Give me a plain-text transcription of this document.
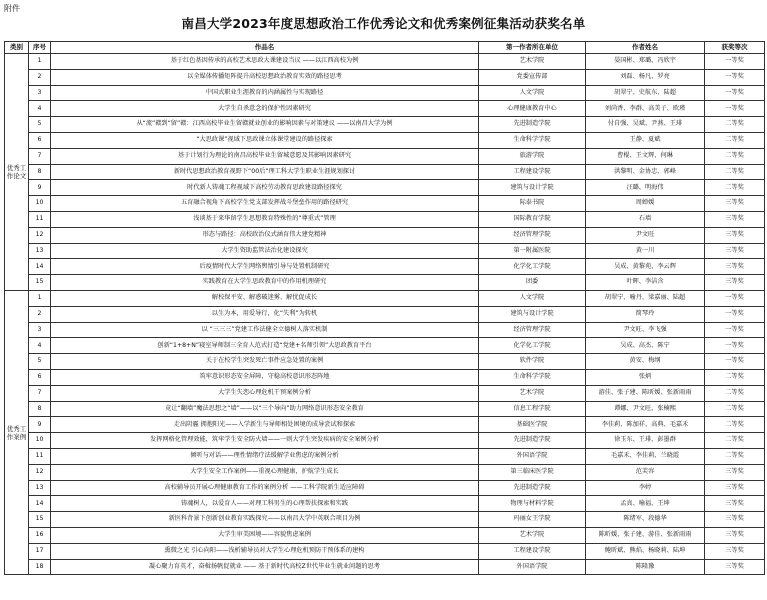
附件
南昌大学2023年度思想政治工作优秀论文和优秀案例征集活动获奖名单
类别	序号	作品名	第一作者所在单位	作者姓名	获奖等次
优秀工作论文	1	基于红色基因传承的高校艺术思政大课建设当议 ——以江西高校为例	艺术学院	晏国彬、郑璐、冯欣宇	一等奖
	2	以全媒体传播矩阵提升高校思想政治教育实效的路径思考	党委宣传部	刘磊、杨凡、罗亮	一等奖
	3	中国式职业生涯教育的内涵属性与实现路径	人文学院	胡翠宁、史航东、陆超	一等奖
	4	大学生自杀意念的保护性因素研究	心理健康教育中心	刘尚香、李群、高美子、欧瑾	一等奖
	5	从“流”赣到“留”赣：江西高校毕业生留赣就业创业的影响因素与对策建议 ——以南昌大学为例	先进制造学院	付自强、吴斌、尹燕、王琲	二等奖
	6	“大思政课”视域下思政课立体课堂建设的路径探索	生命科学学院	王静、夏斌	二等奖
	7	基于计划行为理论的南昌高校毕业生留城意愿及其影响因素研究	旅游学院	曹棍、王文辉、何琳	二等奖
	8	新时代思想政治教育视野下“00后”理工科大学生职业生涯规划探讨	工程建设学院	洪黎明、金协忠、郭峰	二等奖
	9	时代新人铸魂工程视域下高校劳动教育思政建设路径探究	建筑与设计学院	汪璐、明海伟	二等奖
	10	五育融合视角下高校学生党支部发挥战斗堡垒作用的路径研究	际泰书院	周婵媛	三等奖
	11	浅谈基于来华留学生思想教育特殊性的“尊重式”管理	国际教育学院	石墙	三等奖
	12	形态与路径：高校政治仪式涵育伟大建党精神	经济管理学院	尹文旺	三等奖
	13	大学生资助监管法治化建设探究	第一附属医院	黄一川	三等奖
	14	后疫情时代大学生网络舆情引导与处置机制研究	化学化工学院	吴成、黄黎苑、李云辉	三等奖
	15	实践教育在大学生思政教育中的作用机理研究	团委	叶晖、李洁含	三等奖
优秀工作案例	1	解校保平安、解惑破迷雾、解忧促成长	人文学院	胡翠宁、喻丹、梁嘉丽、陆超	一等奖
	2	以生为本，用爱导行，化“失利”为转机	建筑与设计学院	简琴玲	一等奖
	3	以 “三三三”党建工作法健全立德树人落实机制	经济管理学院	尹文旺、李飞强	一等奖
	4	创新“1+8+N”寝室导师制三全育人范式打造“党建+名师引领”大思政教育平台	化学化工学院	吴成、高杰、陈宁	一等奖
	5	关于在校学生突发死亡事件应急处置的案例	软件学院	黄安、梅纲	一等奖
	6	筑牢意识形态安全屏障，守稳高校意识形态阵地	生命科学学院	张炳	二等奖
	7	大学生失恋心理危机干预案例分析	艺术学院	游佳、张子建、陈昕媛、张新雨雨	二等奖
	8	竟让“翻墙”魔法思想之“墙”——以“三个导向”助力网络意识形态安全教育	信息工程学院	谭娜、尹文旺、张楠熙	二等奖
	9	走出阴霾 拥抱阳光——入学新生与导师相处困境的成导尝试和探索	基础医学院	李佳莉、陈加祥、高典、毛嘉禾	二等奖
	10	发挥网格化管理效能，筑牢学生安全防火墙——一则大学生突发疾病的安全案例分析	先进制造学院	徐玉东、王琲、彭墨群	二等奖
	11	倾听与对话——理性情绪疗法缓解学业焦虑的案例分析	外国语学院	毛嘉禾、李佳莉、兰晓霞	二等奖
	12	大学生安全工作案例——重视心理健康，护航学生成长	第三临床医学院	范芙容	三等奖
	13	高校辅导员开展心理健康教育工作的案例分析 ——工科学院新生适应障碍	先进制造学院	李婷	三等奖
	14	铸魂树人，以爱育人——对理工科男生的心理帮扶探索和实践	物理与材料学院	孟真、喻福、王坤	三等奖
	15	新医科背景下创新创业教育实践探究——以南昌大学中英联合项目为例	玛丽女王学院	陈绪军、段德华	三等奖
	16	大学生审美困境——容貌焦虑案例	艺术学院	陈昕媛、张子建、游佳、张新雨雨	三等奖
	17	熏微之光 引心向阳——浅析辅导员对大学生心理危机预防干预体系的建构	工程建设学院	鲍昕斌、熊焰、杨晓莉、陆坤	三等奖
	18	凝心聚力育英才，奋楫扬帆促就业 —— 基于新时代高校Z世代毕业生就业问题的思考	外国语学院	陈隆豫	三等奖
